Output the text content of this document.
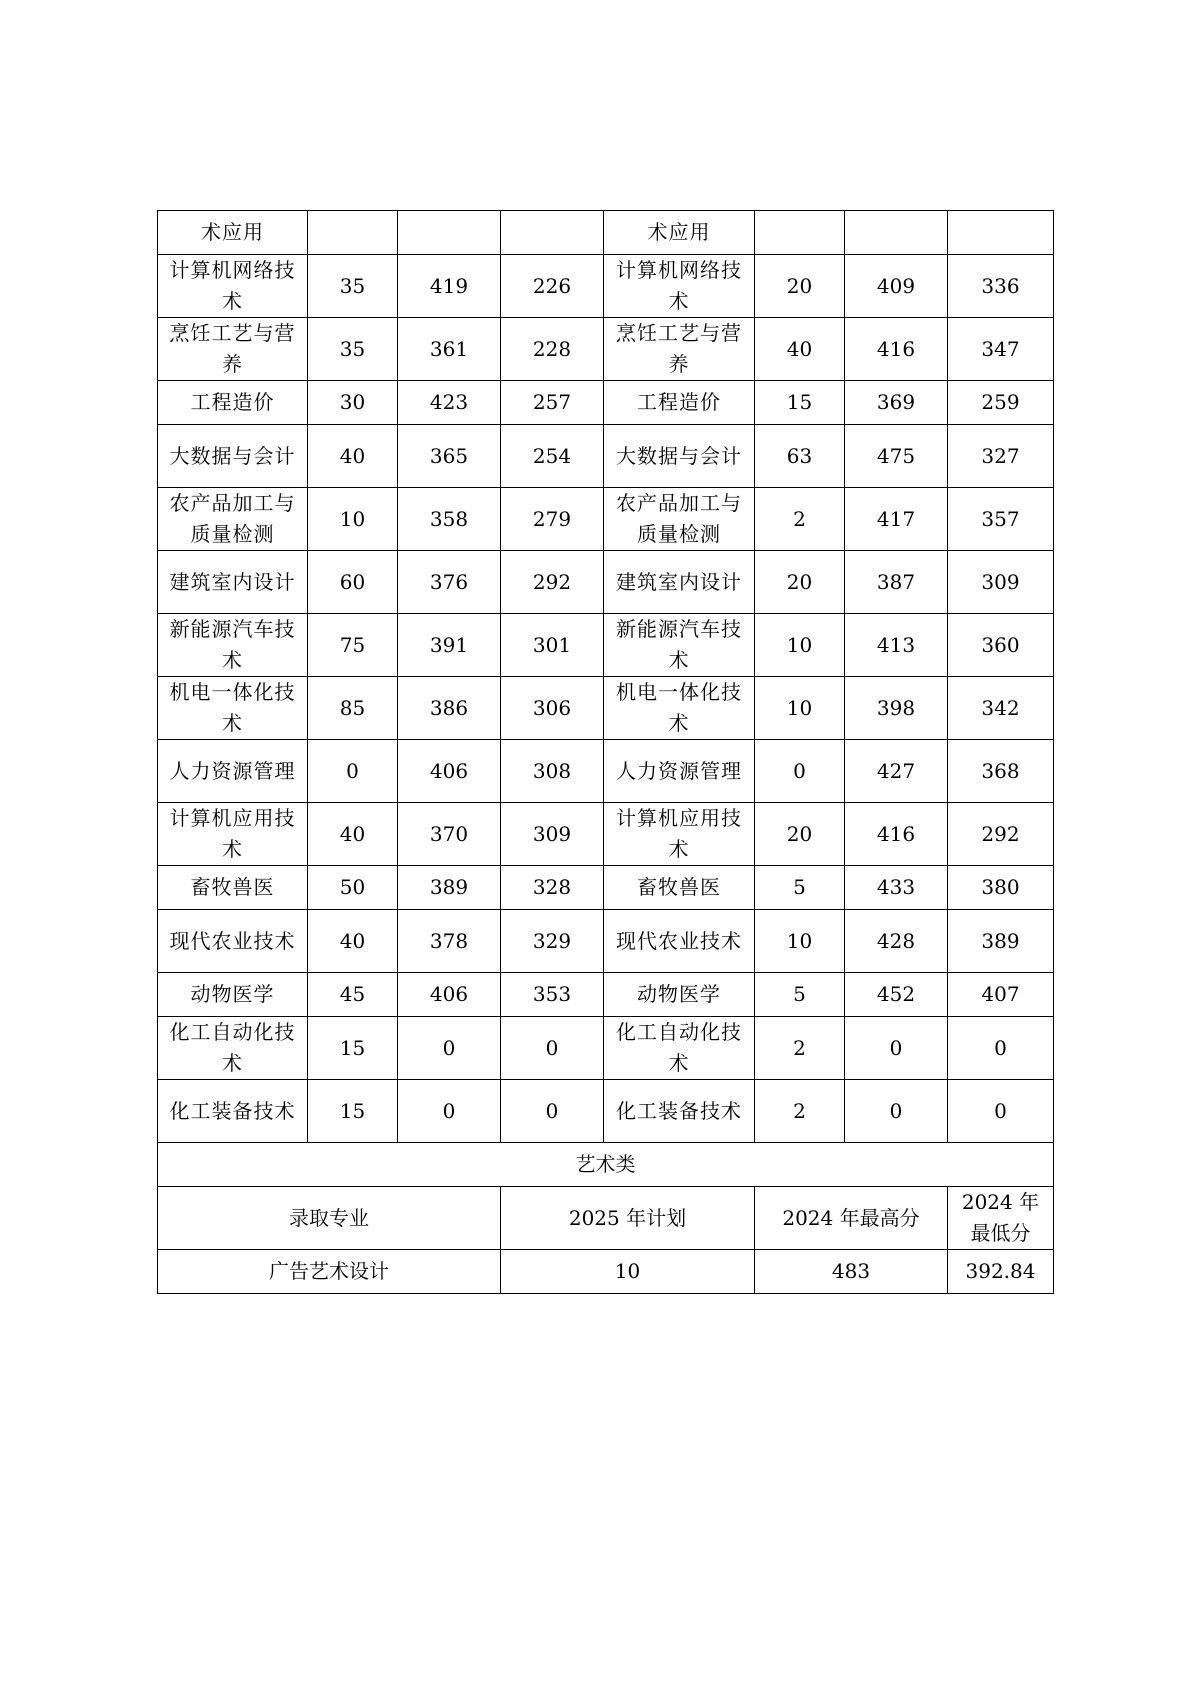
术应用				术应用			
计算机网络技术	35	419	226	计算机网络技术	20	409	336
烹饪工艺与营养	35	361	228	烹饪工艺与营养	40	416	347
工程造价	30	423	257	工程造价	15	369	259
大数据与会计	40	365	254	大数据与会计	63	475	327
农产品加工与质量检测	10	358	279	农产品加工与质量检测	2	417	357
建筑室内设计	60	376	292	建筑室内设计	20	387	309
新能源汽车技术	75	391	301	新能源汽车技术	10	413	360
机电一体化技术	85	386	306	机电一体化技术	10	398	342
人力资源管理	0	406	308	人力资源管理	0	427	368
计算机应用技术	40	370	309	计算机应用技术	20	416	292
畜牧兽医	50	389	328	畜牧兽医	5	433	380
现代农业技术	40	378	329	现代农业技术	10	428	389
动物医学	45	406	353	动物医学	5	452	407
化工自动化技术	15	0	0	化工自动化技术	2	0	0
化工装备技术	15	0	0	化工装备技术	2	0	0
艺术类							
录取专业			2025 年计划		2024 年最高分		2024 年最低分
广告艺术设计			10		483		392.84
